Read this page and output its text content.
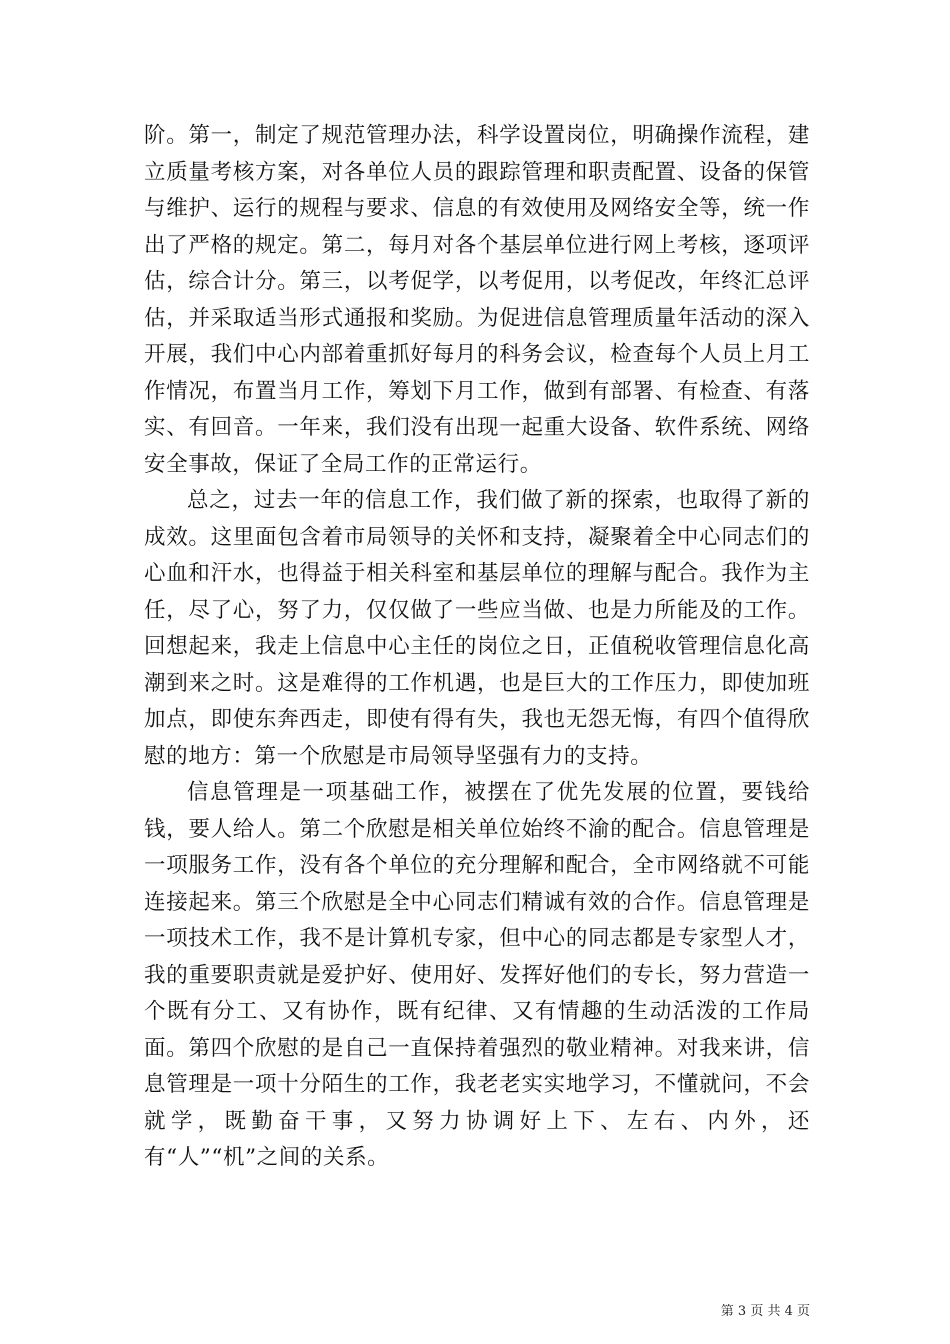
阶。第一，制定了规范管理办法，科学设置岗位，明确操作流程，建立质量考核方案，对各单位人员的跟踪管理和职责配置、设备的保管与维护、运行的规程与要求、信息的有效使用及网络安全等，统一作出了严格的规定。第二，每月对各个基层单位进行网上考核，逐项评估，综合计分。第三，以考促学，以考促用，以考促改，年终汇总评估，并采取适当形式通报和奖励。为促进信息管理质量年活动的深入开展，我们中心内部着重抓好每月的科务会议，检查每个人员上月工作情况，布置当月工作，筹划下月工作，做到有部署、有检查、有落实、有回音。一年来，我们没有出现一起重大设备、软件系统、网络安全事故，保证了全局工作的正常运行。

总之，过去一年的信息工作，我们做了新的探索，也取得了新的成效。这里面包含着市局领导的关怀和支持，凝聚着全中心同志们的心血和汗水，也得益于相关科室和基层单位的理解与配合。我作为主任，尽了心，努了力，仅仅做了一些应当做、也是力所能及的工作。回想起来，我走上信息中心主任的岗位之日，正值税收管理信息化高潮到来之时。这是难得的工作机遇，也是巨大的工作压力，即使加班加点，即使东奔西走，即使有得有失，我也无怨无悔，有四个值得欣慰的地方：第一个欣慰是市局领导坚强有力的支持。

信息管理是一项基础工作，被摆在了优先发展的位置，要钱给钱，要人给人。第二个欣慰是相关单位始终不渝的配合。信息管理是一项服务工作，没有各个单位的充分理解和配合，全市网络就不可能连接起来。第三个欣慰是全中心同志们精诚有效的合作。信息管理是一项技术工作，我不是计算机专家，但中心的同志都是专家型人才，我的重要职责就是爱护好、使用好、发挥好他们的专长，努力营造一个既有分工、又有协作，既有纪律、又有情趣的生动活泼的工作局面。第四个欣慰的是自己一直保持着强烈的敬业精神。对我来讲，信息管理是一项十分陌生的工作，我老老实实地学习，不懂就问，不会就学，既勤奋干事，又努力协调好上下、左右、内外，还有“人”“机”之间的关系。

第 3 页 共 4 页
